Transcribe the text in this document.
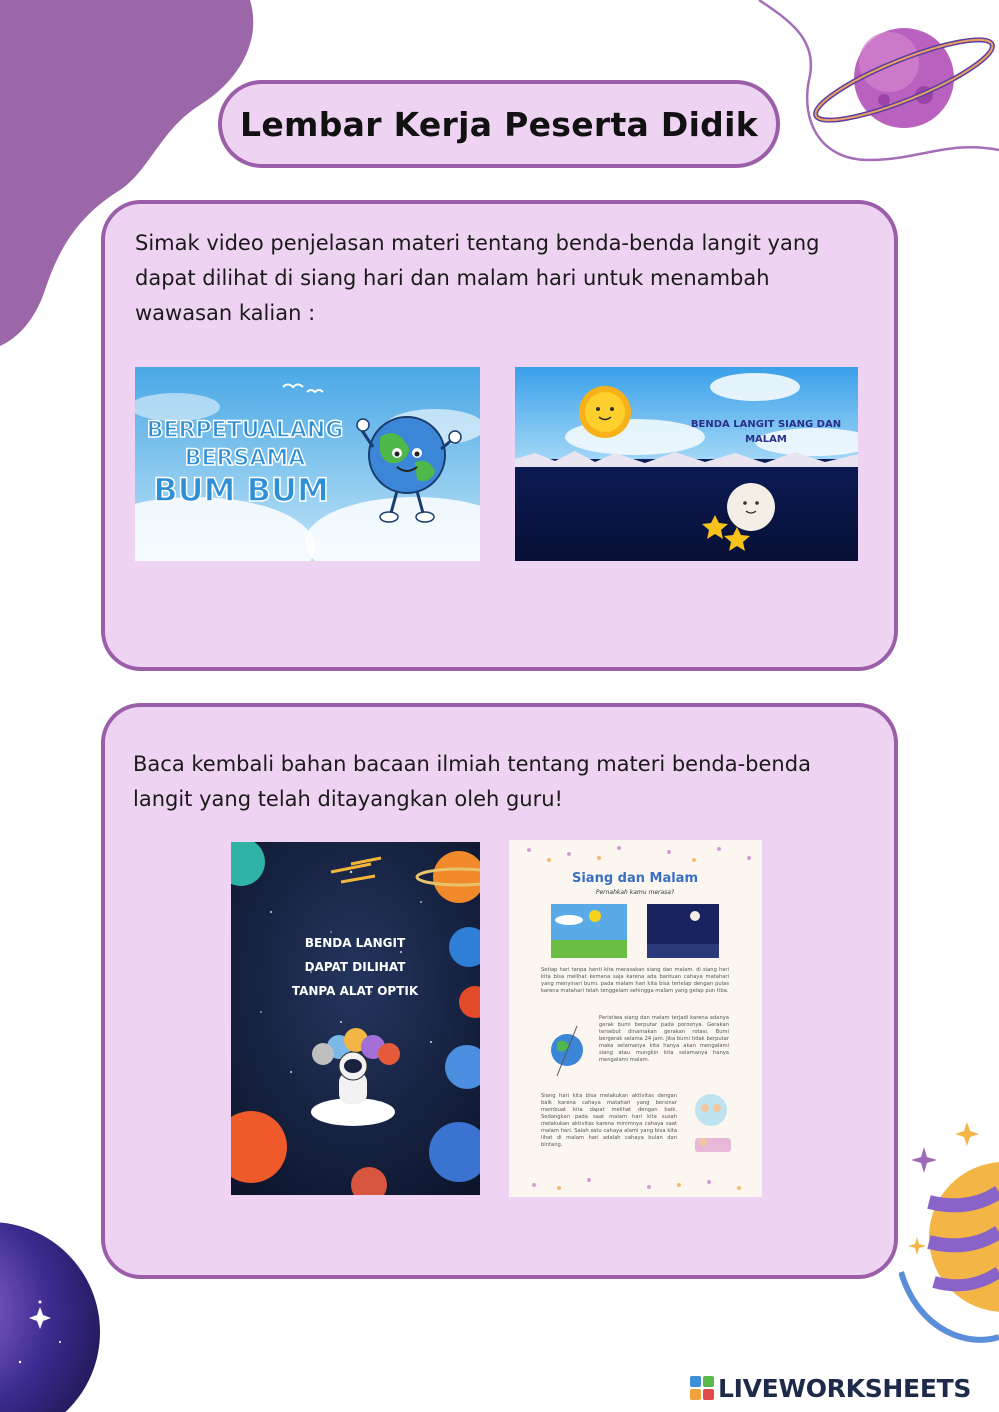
Lembar Kerja Peserta Didik

Simak video penjelasan materi tentang benda-benda langit yang
dapat dilihat di siang hari dan malam hari untuk menambah
wawasan kalian :

BERPETUALANG
BERSAMA
BUM BUM
BENDA LANGIT SIANG DAN
MALAM

Baca kembali bahan bacaan ilmiah tentang materi benda-benda
langit yang telah ditayangkan oleh guru!

BENDA LANGIT
DAPAT DILIHAT
TANPA ALAT OPTIK
Siang dan Malam
Pernahkah kamu merasa?

Setiap hari tanpa henti kita merasakan siang dan malam. di siang hari kita bisa melihat kemana saja karena ada bantuan cahaya matahari yang menyinari bumi. pada malam hari kita bisa terlelap dengan pulas karena matahari telah tenggelam sehingga malam yang gelap pun tiba.

Peristiwa siang dan malam terjadi karena adanya gerak bumi berputar pada porosnya. Gerakan tersebut dinamakan gerakan rotasi. Bumi bergerak selama 24 jam. Jika bumi tidak berputar maka selamanya kita hanya akan mengalami siang atau mungkin kita selamanya hanya mengalami malam.

Siang hari kita bisa melakukan aktivitas dengan baik karena cahaya matahari yang bersinar membuat kita dapat melihat dengan baik. Sedangkan pada saat malam hari kita susah melakukan aktivitas karena minimnya cahaya saat malam hari. Salah satu cahaya alami yang bisa kita lihat di malam hari adalah cahaya bulan dan bintang.

LIVEWORKSHEETS
